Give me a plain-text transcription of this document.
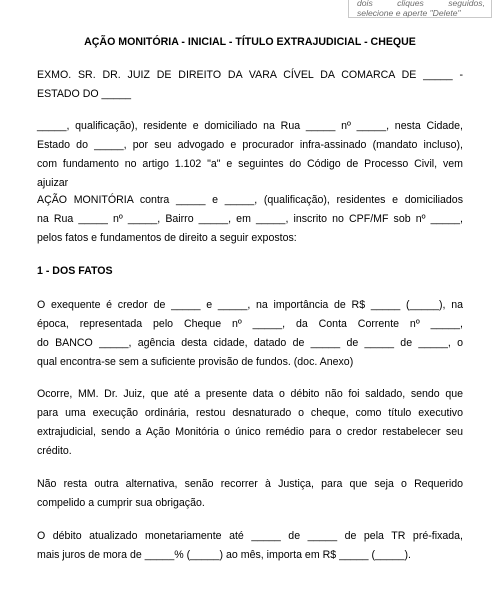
dois cliques seguidos,
selecione e aperte "Delete"
AÇÃO MONITÓRIA - INICIAL - TÍTULO EXTRAJUDICIAL - CHEQUE
EXMO. SR. DR. JUIZ DE DIREITO DA VARA CÍVEL DA COMARCA DE _____ -
ESTADO DO _____
_____, qualificação), residente e domiciliado na Rua _____ nº _____, nesta Cidade,
Estado do _____, por seu advogado e procurador infra-assinado (mandato incluso),
com fundamento no artigo 1.102 "a" e seguintes do Código de Processo Civil, vem
ajuizar
AÇÃO MONITÓRIA contra _____ e _____, (qualificação), residentes e domiciliados
na Rua _____ nº _____, Bairro _____, em _____, inscrito no CPF/MF sob nº _____,
pelos fatos e fundamentos de direito a seguir expostos:
1 - DOS FATOS
O exequente é credor de _____ e _____, na importância de R$ _____ (_____), na
época, representada pelo Cheque nº _____, da Conta Corrente nº _____,
do BANCO _____, agência desta cidade, datado de _____ de _____ de _____, o
qual encontra-se sem a suficiente provisão de fundos. (doc. Anexo)
Ocorre, MM. Dr. Juiz, que até a presente data o débito não foi saldado, sendo que
para uma execução ordinária, restou desnaturado o cheque, como título executivo
extrajudicial, sendo a Ação Monitória o único remédio para o credor restabelecer seu
crédito.
Não resta outra alternativa, senão recorrer à Justiça, para que seja o Requerido
compelido a cumprir sua obrigação.
O débito atualizado monetariamente até _____ de _____ de pela TR pré-fixada,
mais juros de mora de _____% (_____) ao mês, importa em R$ _____ (_____).
